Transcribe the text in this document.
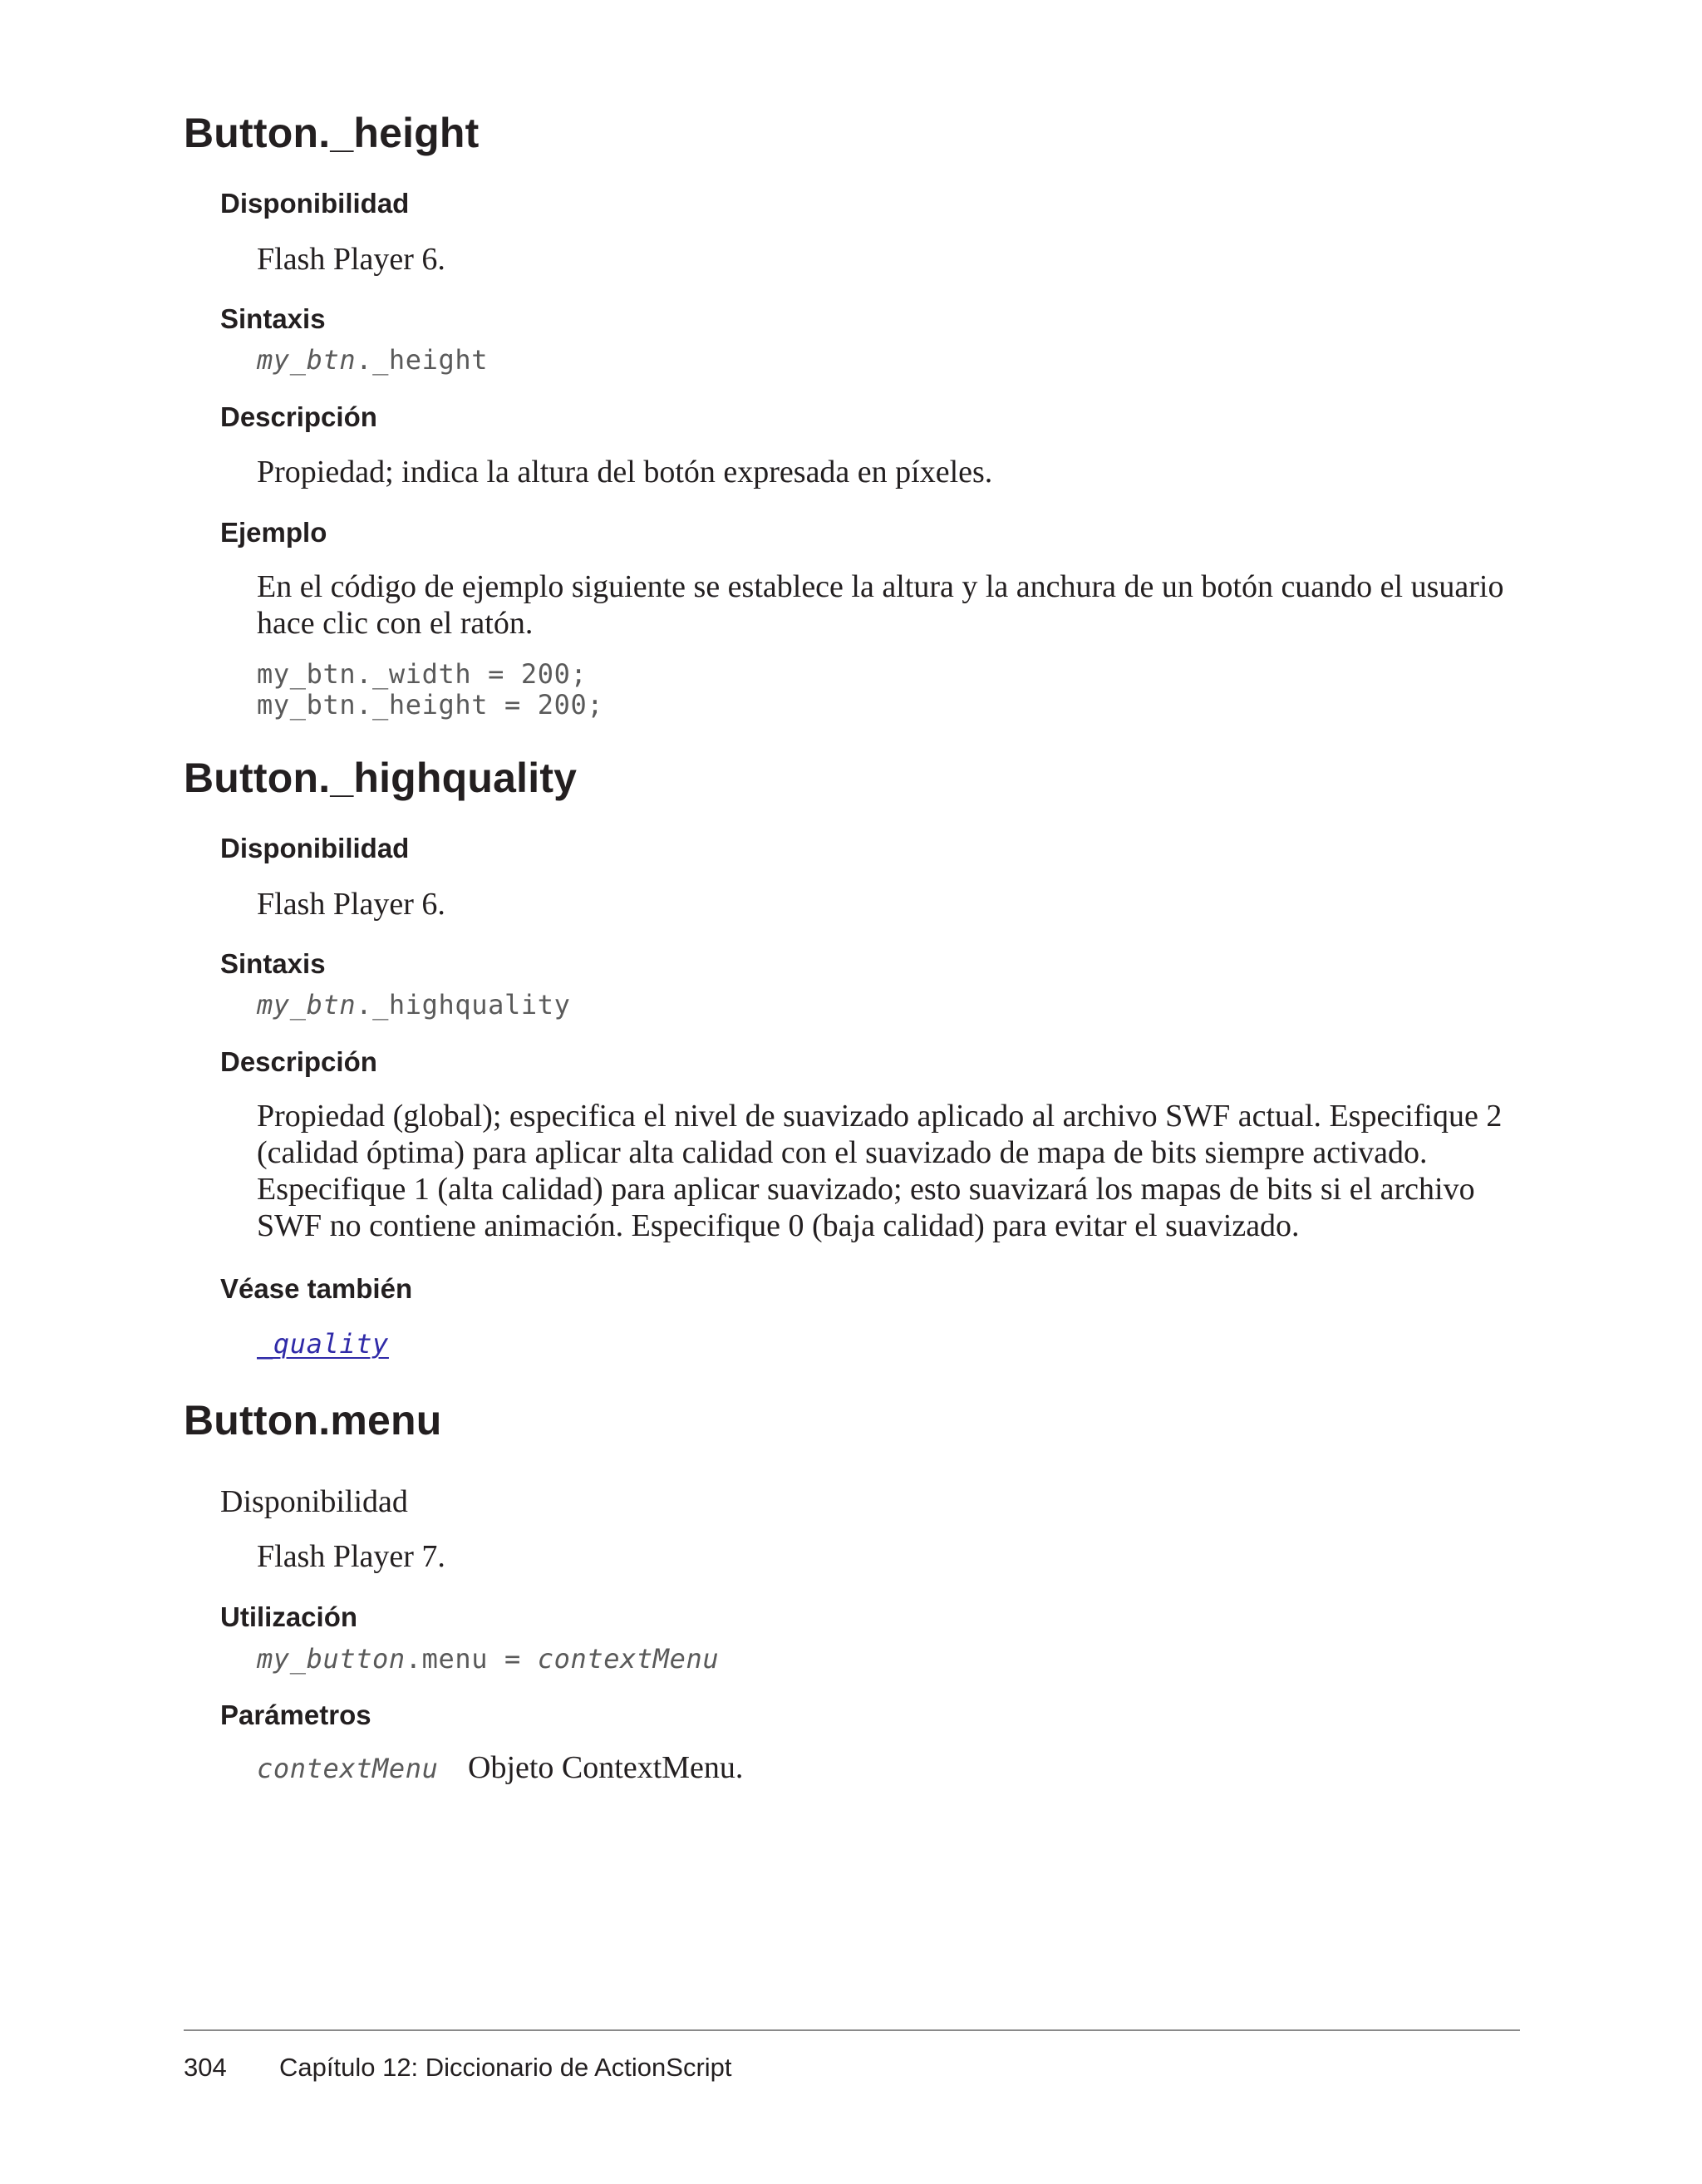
Button._height
Disponibilidad

Flash Player 6.

Sintaxis
my_btn._height
Descripción

Propiedad; indica la altura del botón expresada en píxeles.

Ejemplo

En el código de ejemplo siguiente se establece la altura y la anchura de un botón cuando el usuario

hace clic con el ratón.

my_btn._width = 200;
my_btn._height = 200;
Button._highquality
Disponibilidad

Flash Player 6.

Sintaxis
my_btn._highquality
Descripción

Propiedad (global); especifica el nivel de suavizado aplicado al archivo SWF actual. Especifique 2

(calidad óptima) para aplicar alta calidad con el suavizado de mapa de bits siempre activado.

Especifique 1 (alta calidad) para aplicar suavizado; esto suavizará los mapas de bits si el archivo

SWF no contiene animación. Especifique 0 (baja calidad) para evitar el suavizado.

Véase también
_quality
Button.menu
Disponibilidad

Flash Player 7.

Utilización
my_button.menu = contextMenu
Parámetros
contextMenu Objeto ContextMenu.
304 Capítulo 12: Diccionario de ActionScript
